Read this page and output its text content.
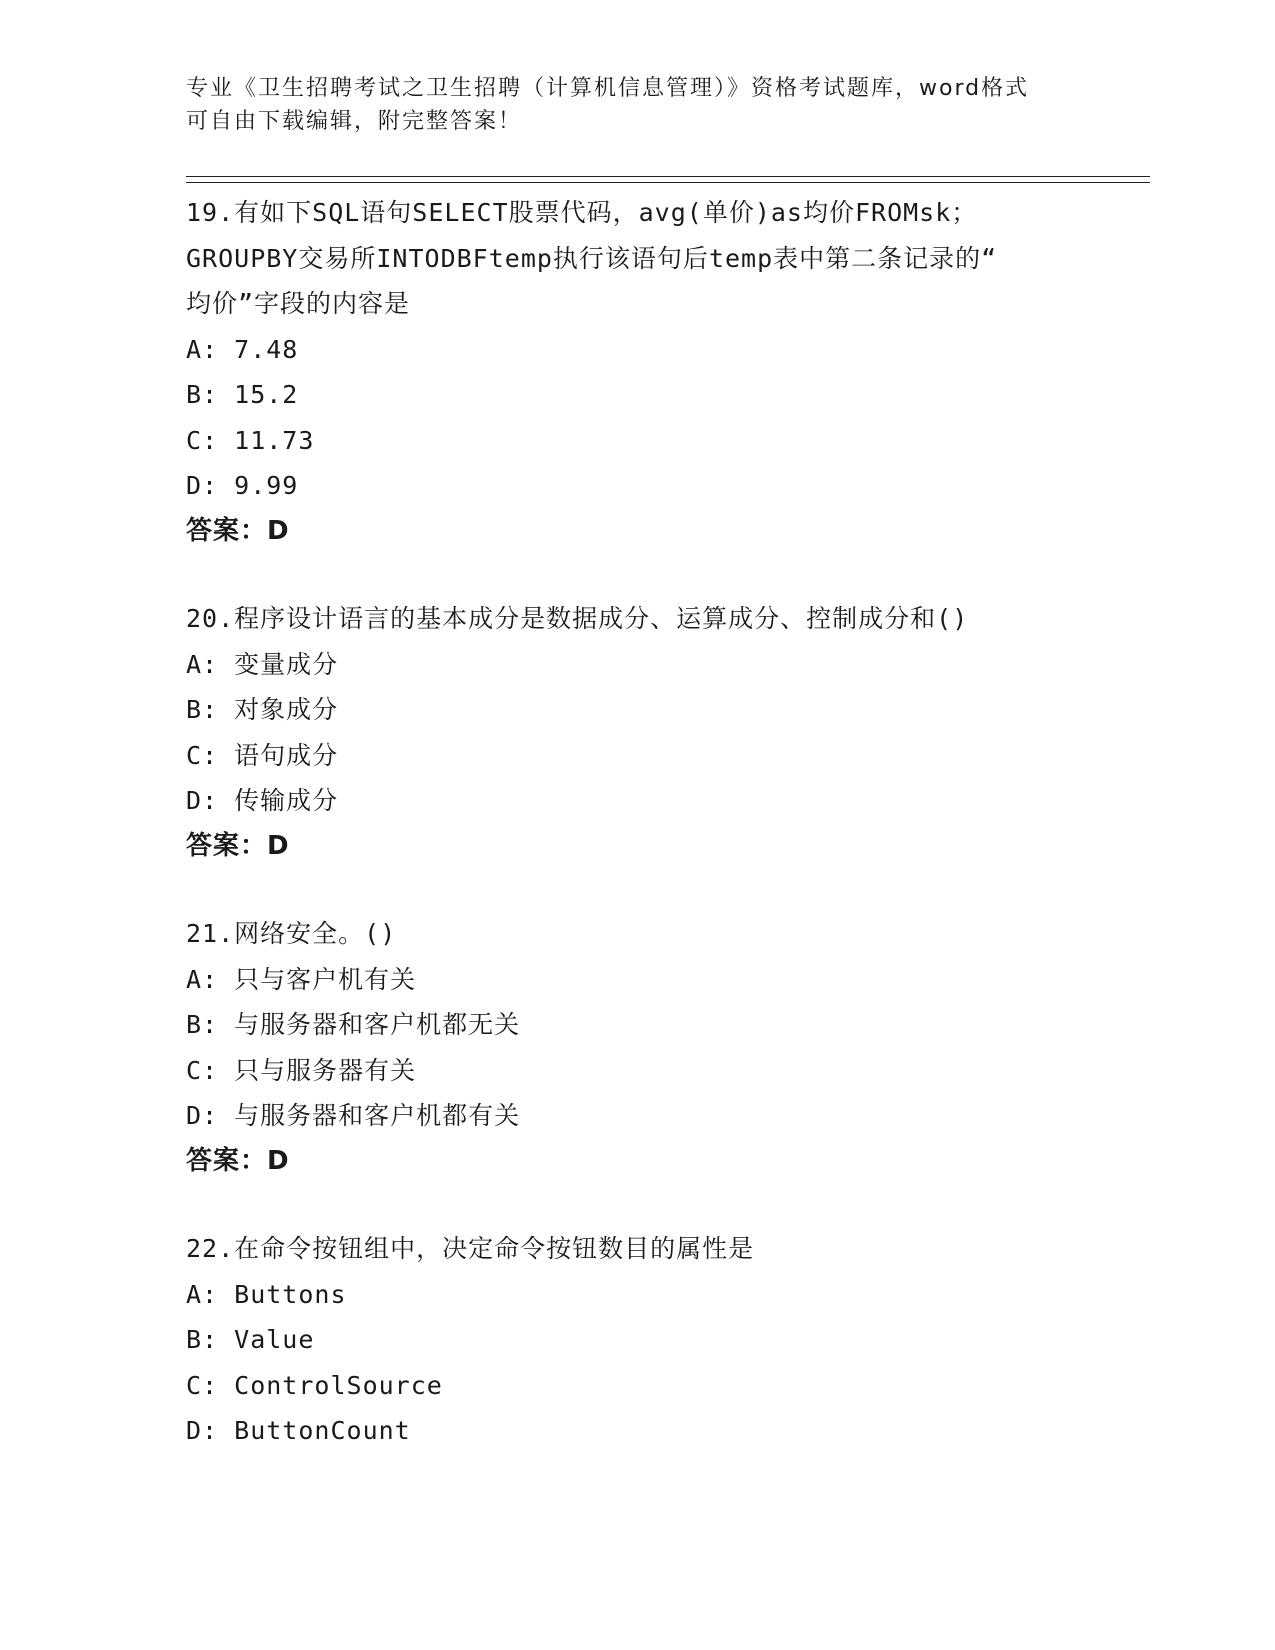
专业《卫生招聘考试之卫生招聘（计算机信息管理）》资格考试题库，word格式
可自由下载编辑，附完整答案！
19.有如下SQL语句SELECT股票代码，avg(单价)as均价FROMsk；
GROUPBY交易所INTODBFtemp执行该语句后temp表中第二条记录的“
均价”字段的内容是
A: 7.48
B: 15.2
C: 11.73
D: 9.99
答案：D
20.程序设计语言的基本成分是数据成分、运算成分、控制成分和()
A: 变量成分
B: 对象成分
C: 语句成分
D: 传输成分
答案：D
21.网络安全。()
A: 只与客户机有关
B: 与服务器和客户机都无关
C: 只与服务器有关
D: 与服务器和客户机都有关
答案：D
22.在命令按钮组中，决定命令按钮数目的属性是
A: Buttons
B: Value
C: ControlSource
D: ButtonCount
